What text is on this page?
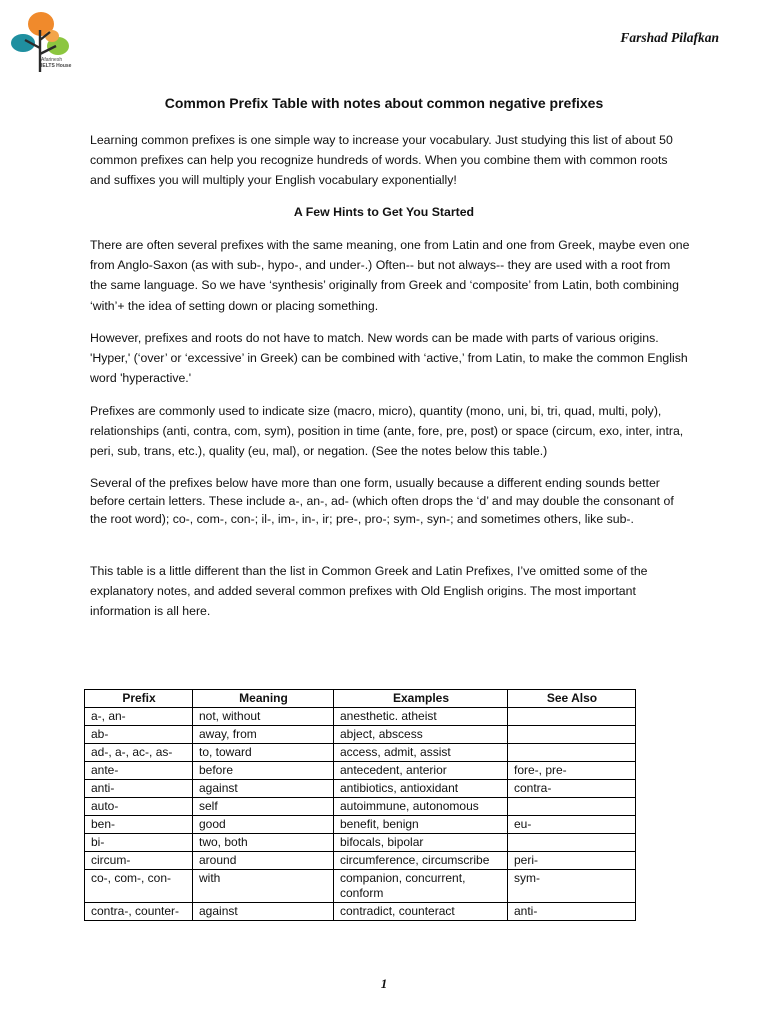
Afarinesh
IELTS House
Farshad Pilafkan
Common Prefix Table with notes about common negative prefixes

Learning common prefixes is one simple way to increase your vocabulary. Just studying this list of about 50 common prefixes can help you recognize hundreds of words. When you combine them with common roots and suffixes you will multiply your English vocabulary exponentially!

A Few Hints to Get You Started

There are often several prefixes with the same meaning, one from Latin and one from Greek, maybe even one from Anglo-Saxon (as with sub-, hypo-, and under-.) Often-- but not always-- they are used with a root from the same language. So we have ‘synthesis’ originally from Greek and ‘composite’ from Latin, both combining ‘with’+ the idea of setting down or placing something.

However, prefixes and roots do not have to match. New words can be made with parts of various origins. 'Hyper,' (‘over’ or ‘excessive’ in Greek) can be combined with ‘active,’ from Latin, to make the common English word 'hyperactive.'

Prefixes are commonly used to indicate size (macro, micro), quantity (mono, uni, bi, tri, quad, multi, poly), relationships (anti, contra, com, sym), position in time (ante, fore, pre, post) or space (circum, exo, inter, intra, peri, sub, trans, etc.), quality (eu, mal), or negation. (See the notes below this table.)

Several of the prefixes below have more than one form, usually because a different ending sounds better before certain letters. These include a-, an-, ad- (which often drops the ‘d’ and may double the consonant of the root word); co-, com-, con-; il-, im-, in-, ir; pre-, pro-; sym-, syn-; and sometimes others, like sub-.

This table is a little different than the list in Common Greek and Latin Prefixes, I’ve omitted some of the explanatory notes, and added several common prefixes with Old English origins. The most important information is all here.

Prefix	Meaning	Examples	See Also
a-, an-	not, without	anesthetic. atheist	
ab-	away, from	abject, abscess	
ad-, a-, ac-, as-	to, toward	access, admit, assist	
ante-	before	antecedent, anterior	fore-, pre-
anti-	against	antibiotics, antioxidant	contra-
auto-	self	autoimmune, autonomous	
ben-	good	benefit, benign	eu-
bi-	two, both	bifocals, bipolar	
circum-	around	circumference, circumscribe	peri-
co-, com-, con-	with	companion, concurrent, conform	sym-
contra-, counter-	against	contradict, counteract	anti-
1
